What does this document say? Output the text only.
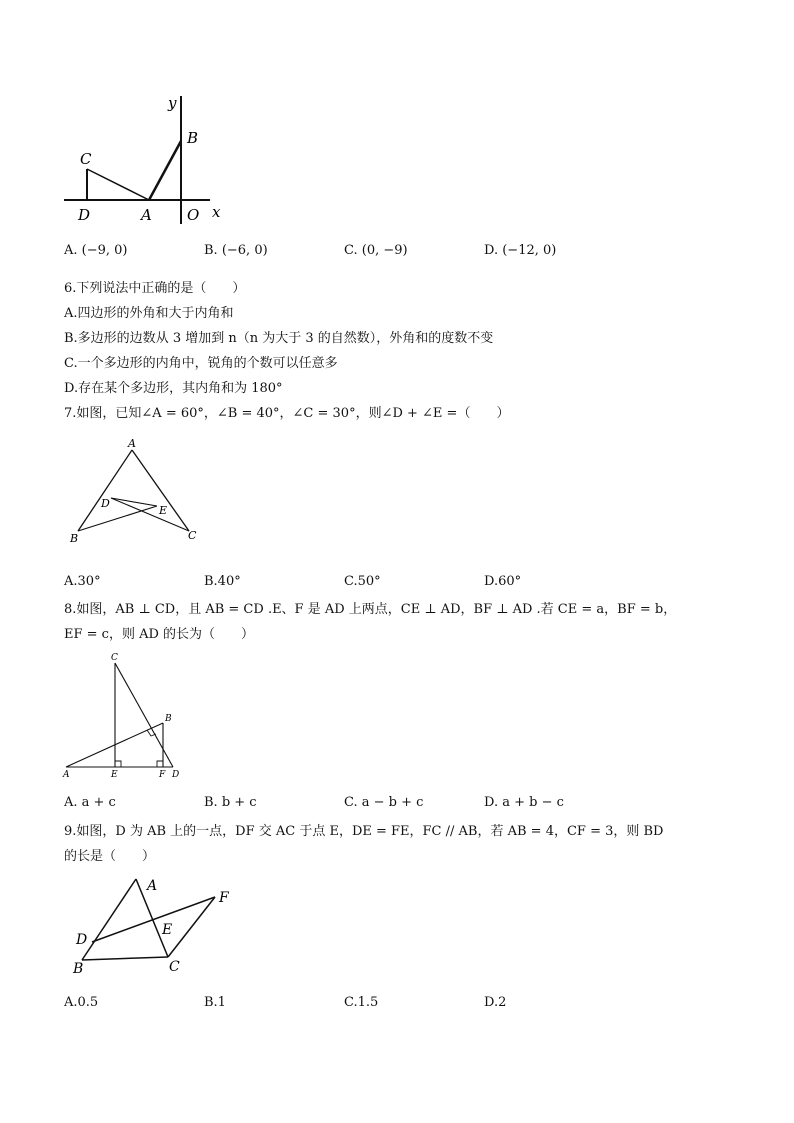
y
B
C
D	A O x
A. (−9, 0)	B. (−6, 0)	C. (0, −9)	D. (−12, 0)
6.下列说法中正确的是（　　）
A.四边形的外角和大于内角和
B.多边形的边数从 3 增加到 n（n 为大于 3 的自然数），外角和的度数不变
C.一个多边形的内角中，锐角的个数可以任意多
D.存在某个多边形，其内角和为 180°
7.如图，已知∠A = 60°，∠B = 40°，∠C = 30°，则∠D + ∠E =（　　）
A
D
E
B	C
A.30°	B.40°	C.50°	D.60°
8.如图，AB ⊥ CD，且 AB = CD .E、F 是 AD 上两点，CE ⊥ AD，BF ⊥ AD .若 CE = a，BF = b，
EF = c，则 AD 的长为（　　）
C
B
A	E	F D
A. a + c	B. b + c	C. a − b + c	D. a + b − c
9.如图，D 为 AB 上的一点，DF 交 AC 于点 E，DE = FE，FC // AB，若 AB = 4，CF = 3，则 BD
的长是（　　）
A
F
D
E
B	C
A.0.5	B.1	C.1.5	D.2
